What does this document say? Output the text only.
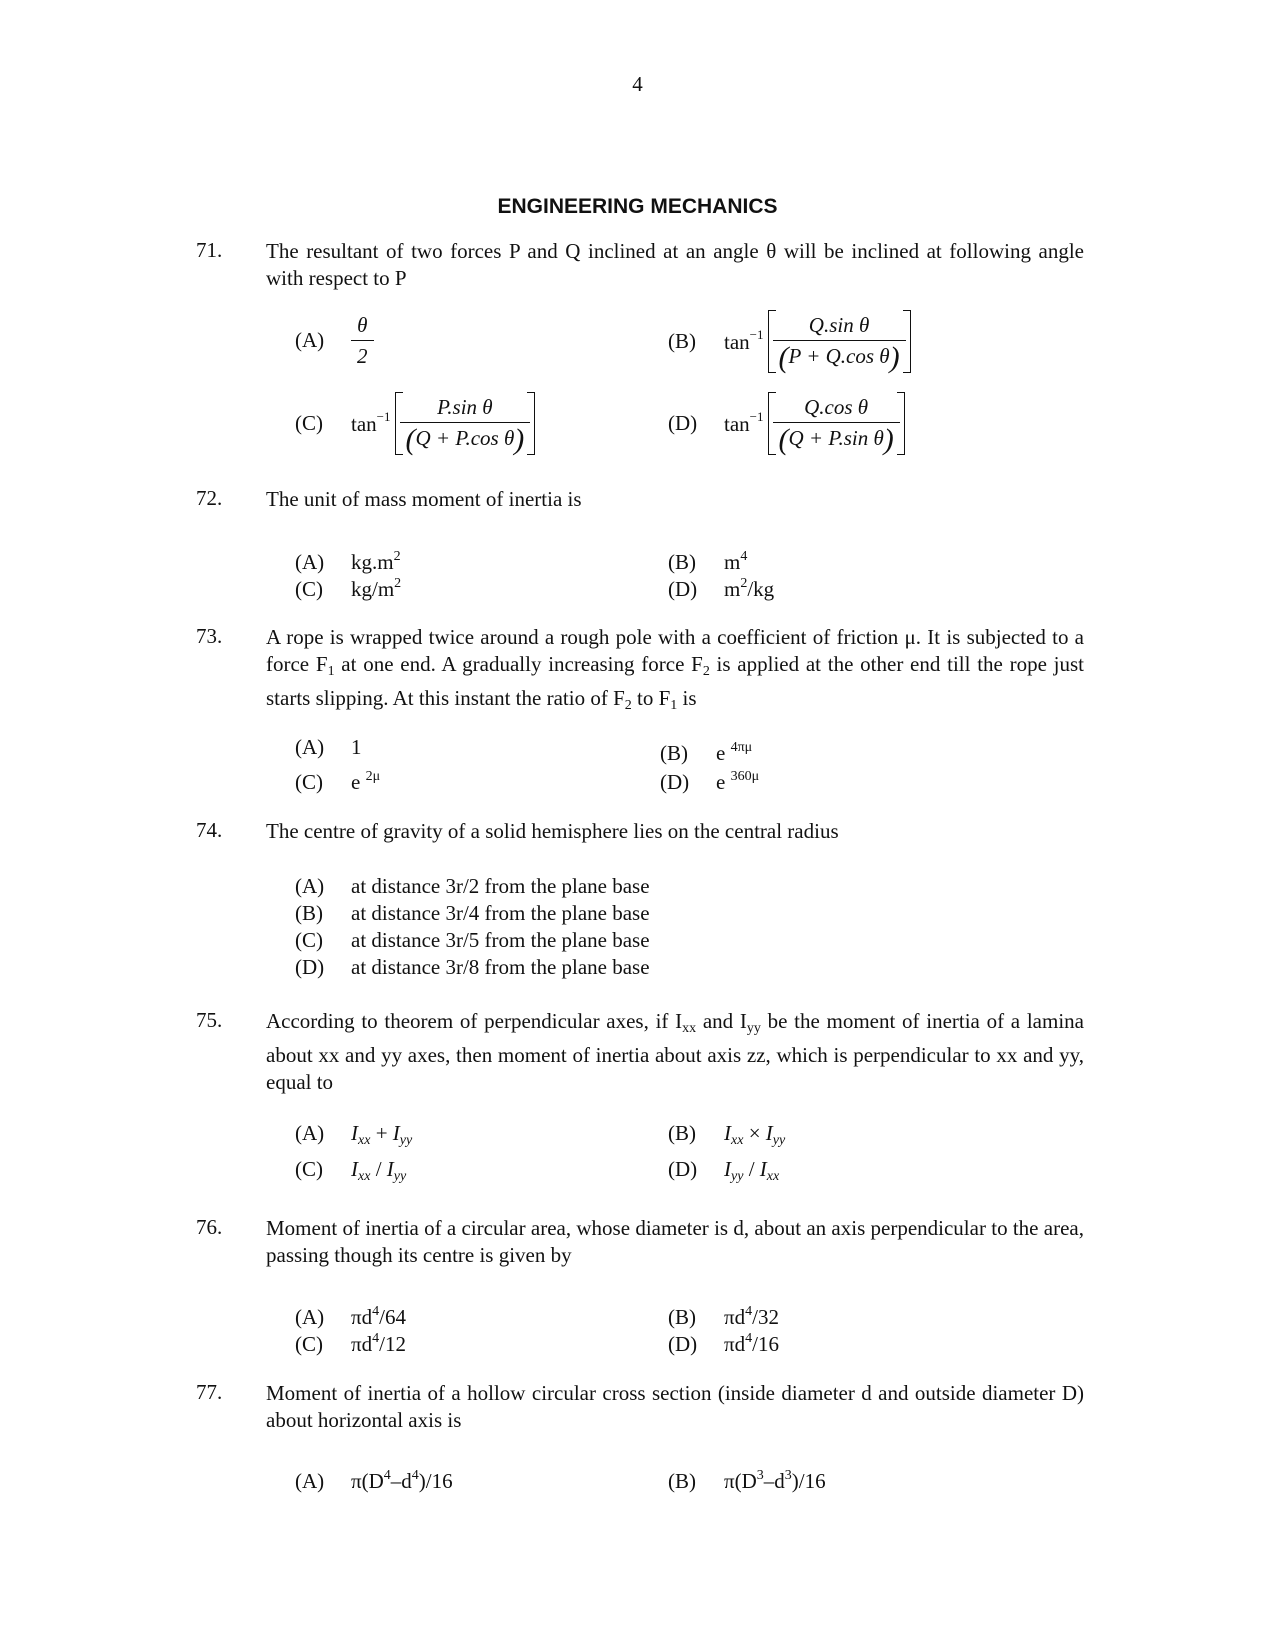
4
ENGINEERING MECHANICS
71. The resultant of two forces P and Q inclined at an angle θ will be inclined at following angle with respect to P
(A)	$\frac{\theta}{2}$	(B)	$\tan^{-1} \frac{\text{Q.sin θ}}{\text{(P + Q.cos θ)}}$
(C)	$\tan^{-1} \frac{\text{P.sin θ}}{\text{(Q + P.cos θ)}}$	(D)	$\tan^{-1} \frac{\text{Q.cos θ}}{\text{(Q + P.sin θ)}}$
72. The unit of mass moment of inertia is
(A) $kg.m^2$	(B) $m^4$
(C) $kg/m^2$	(D) $m^2/kg$
73. A rope is wrapped twice around a rough pole with a coefficient of friction μ. It is subjected to a force $F_1$ at one end. A gradually increasing force $F_2$ is applied at the other end till the rope just starts slipping. At this instant the ratio of $F_2$ to $F_1$ is
(A) 1	(B) e $^{4\pi\mu}$
(C) e $^{2\mu}$	(D) e $^{360\mu}$
74. The centre of gravity of a solid hemisphere lies on the central radius
(A) at distance 3r/2 from the plane base
(B) at distance 3r/4 from the plane base
(C) at distance 3r/5 from the plane base
(D) at distance 3r/8 from the plane base
75. According to theorem of perpendicular axes, if $I_{xx}$ and $I_{yy}$ be the moment of inertia of a lamina about xx and yy axes, then moment of inertia about axis zz, which is perpendicular to xx and yy, equal to
(A) $I_{xx} + I_{yy}$	(B) $I_{xx} \times I_{yy}$
(C) $I_{xx} / I_{yy}$	(D) $I_{yy} / I_{xx}$
76. Moment of inertia of a circular area, whose diameter is d, about an axis perpendicular to the area, passing though its centre is given by
(A) $\pi d^4/64$	(B) $\pi d^4/32$
(C) $\pi d^4/12$	(D) $\pi d^4/16$
77. Moment of inertia of a hollow circular cross section (inside diameter d and outside diameter D) about horizontal axis is
(A) $\pi(D^4-d^4)/16$	(B) $\pi(D^3-d^3)/16$
